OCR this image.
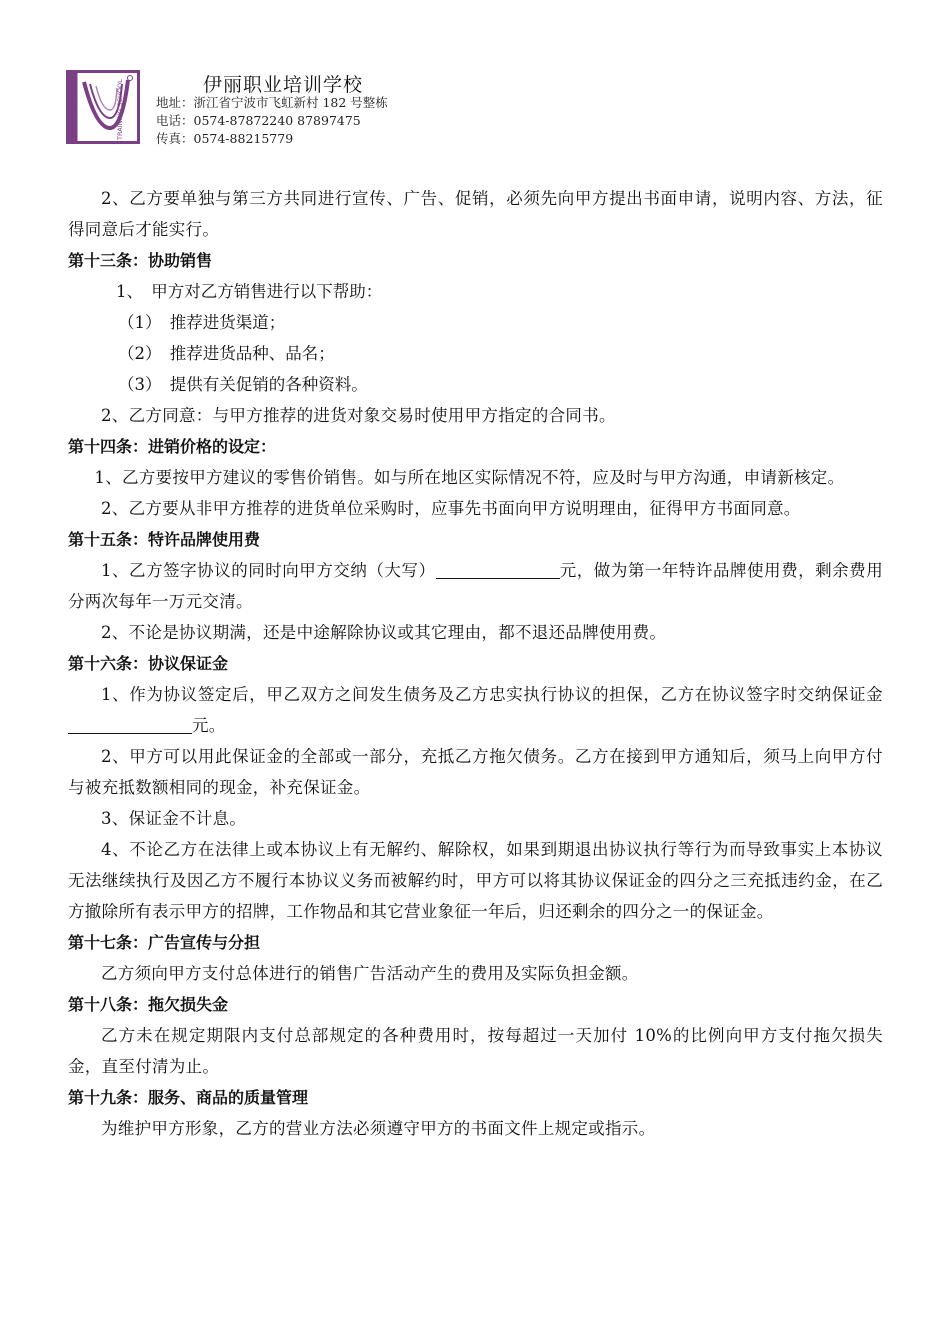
TRAINING SCHOOL	伊丽职业培训学校
地址：浙江省宁波市飞虹新村 182 号整栋
电话：0574-87872240 87897475
传真：0574-88215779

2、乙方要单独与第三方共同进行宣传、广告、促销，必须先向甲方提出书面申请，说明内容、方法，征得同意后才能实行。

第十三条：协助销售

1、　甲方对乙方销售进行以下帮助：

（1）　推荐进货渠道；

（2）　推荐进货品种、品名；

（3）　提供有关促销的各种资料。

2、乙方同意：与甲方推荐的进货对象交易时使用甲方指定的合同书。

第十四条：进销价格的设定：

1、乙方要按甲方建议的零售价销售。如与所在地区实际情况不符，应及时与甲方沟通，申请新核定。

2、乙方要从非甲方推荐的进货单位采购时，应事先书面向甲方说明理由，征得甲方书面同意。

第十五条：特许品牌使用费

1、乙方签字协议的同时向甲方交纳（大写）	元，做为第一年特许品牌使用费，剩余费用分两次每年一万元交清。

2、不论是协议期满，还是中途解除协议或其它理由，都不退还品牌使用费。

第十六条：协议保证金

1、作为协议签定后，甲乙双方之间发生债务及乙方忠实执行协议的担保，乙方在协议签字时交纳保证金元。

2、甲方可以用此保证金的全部或一部分，充抵乙方拖欠债务。乙方在接到甲方通知后，须马上向甲方付与被充抵数额相同的现金，补充保证金。

3、保证金不计息。

4、不论乙方在法律上或本协议上有无解约、解除权，如果到期退出协议执行等行为而导致事实上本协议无法继续执行及因乙方不履行本协议义务而被解约时，甲方可以将其协议保证金的四分之三充抵违约金，在乙方撤除所有表示甲方的招牌，工作物品和其它营业象征一年后，归还剩余的四分之一的保证金。

第十七条：广告宣传与分担

乙方须向甲方支付总体进行的销售广告活动产生的费用及实际负担金额。

第十八条：拖欠损失金

乙方未在规定期限内支付总部规定的各种费用时，按每超过一天加付 10%的比例向甲方支付拖欠损失金，直至付清为止。

第十九条：服务、商品的质量管理

为维护甲方形象，乙方的营业方法必须遵守甲方的书面文件上规定或指示。
